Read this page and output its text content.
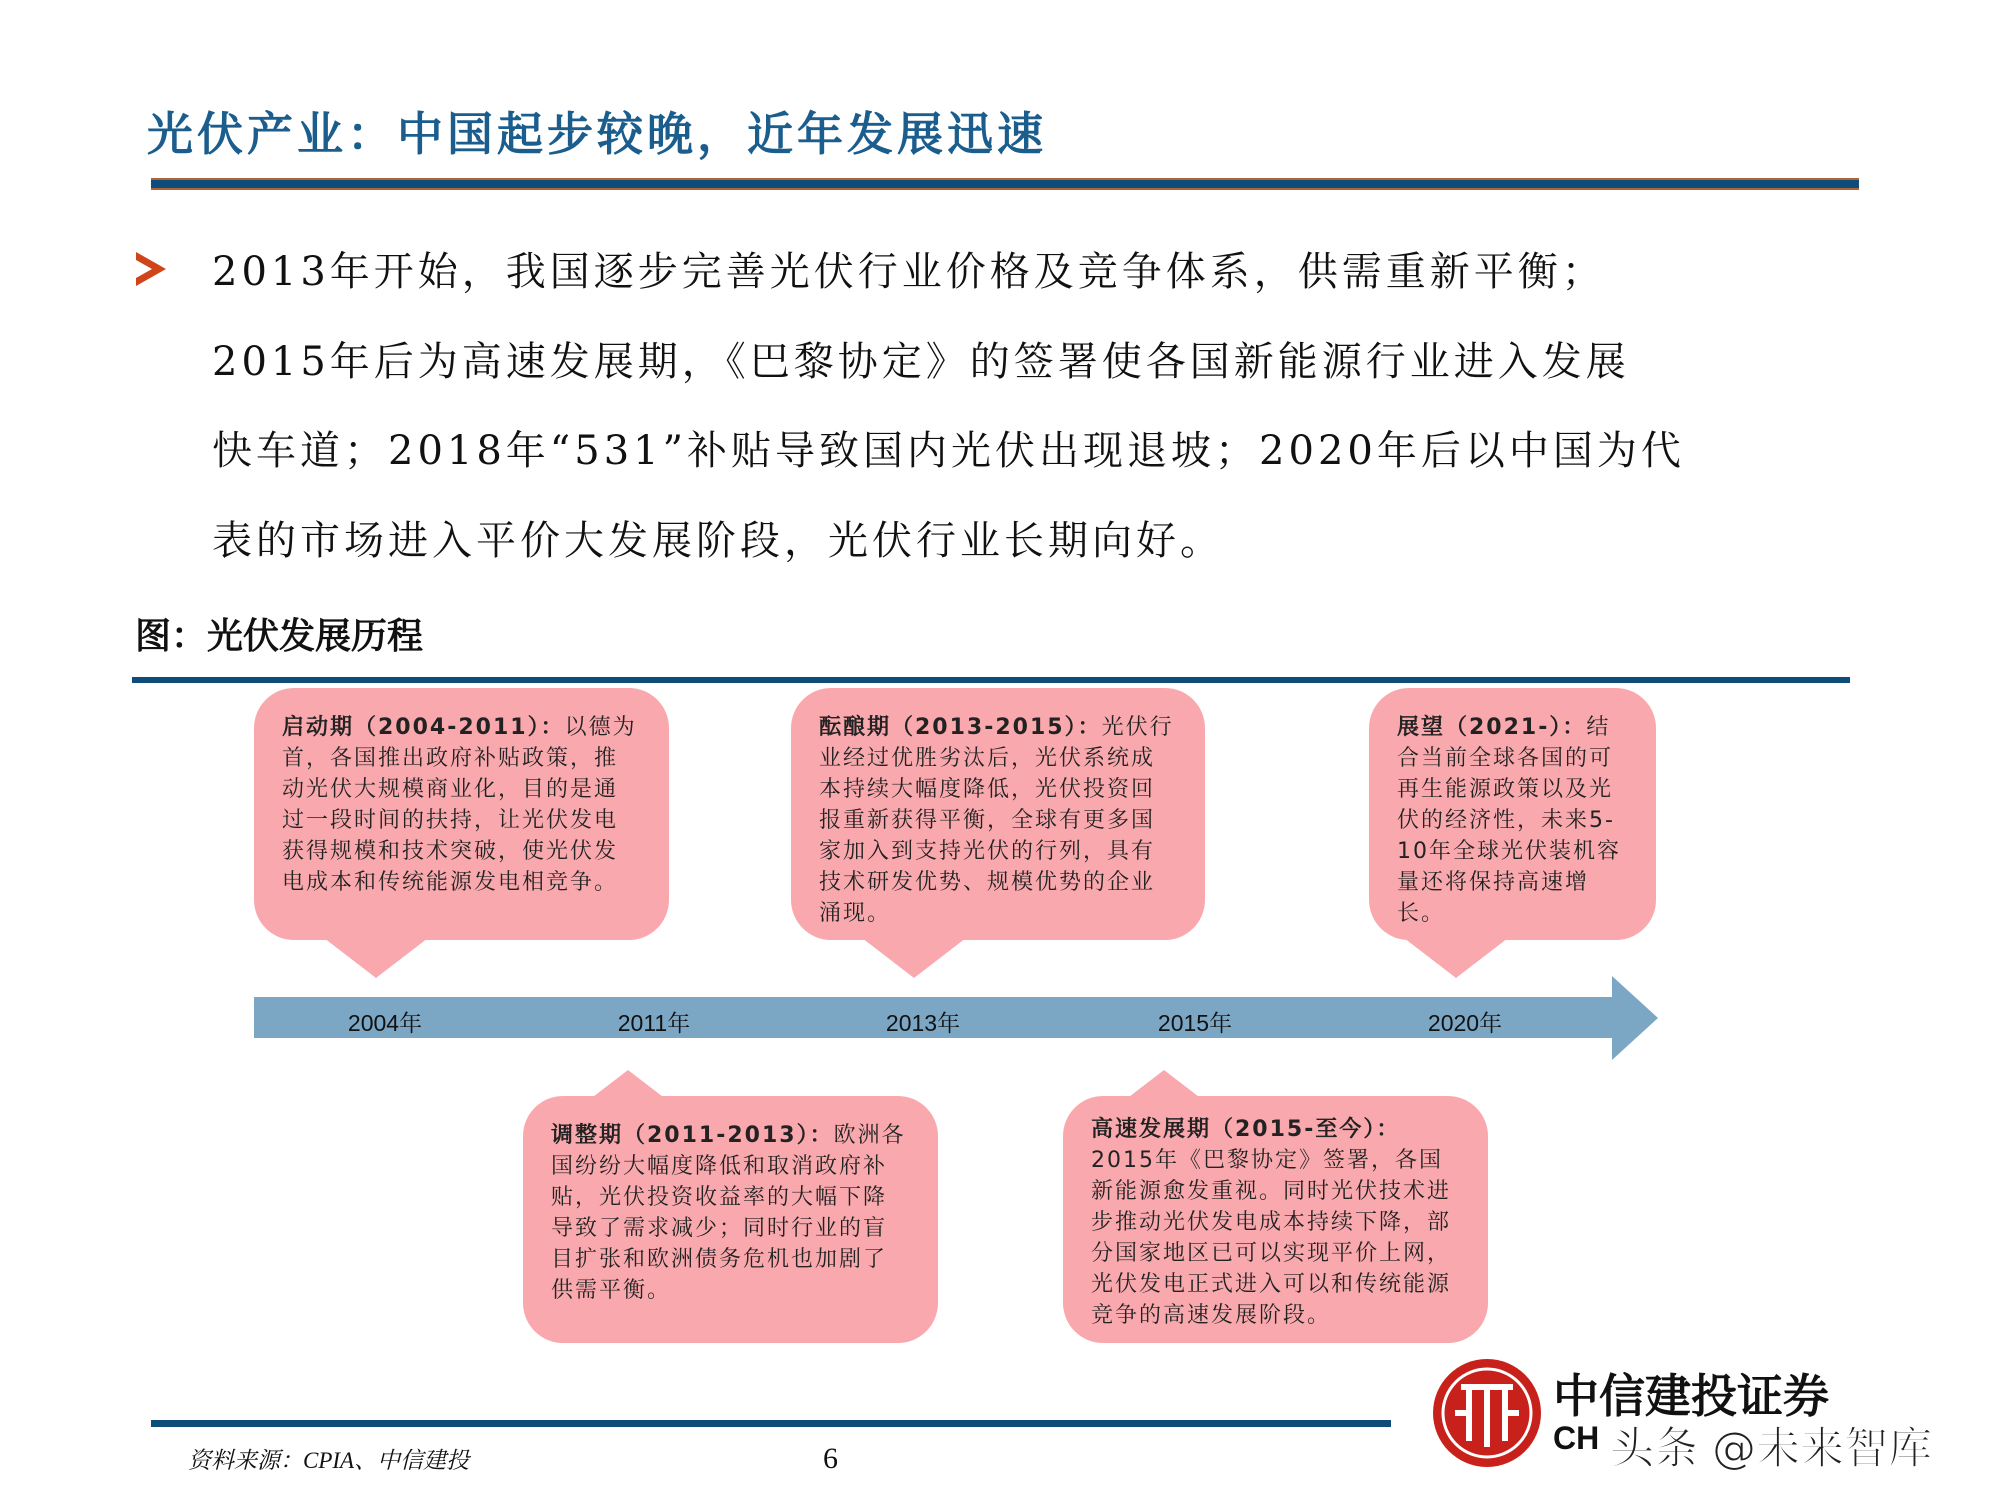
光伏产业：中国起步较晚，近年发展迅速
2013年开始，我国逐步完善光伏行业价格及竞争体系，供需重新平衡；
2015年后为高速发展期，《巴黎协定》的签署使各国新能源行业进入发展
快车道；2018年“531”补贴导致国内光伏出现退坡；2020年后以中国为代
表的市场进入平价大发展阶段，光伏行业长期向好。
图：光伏发展历程
启动期（2004-2011）：以德为首，各国推出政府补贴政策，推动光伏大规模商业化，目的是通过一段时间的扶持，让光伏发电获得规模和技术突破，使光伏发电成本和传统能源发电相竞争。
酝酿期（2013-2015）：光伏行业经过优胜劣汰后，光伏系统成本持续大幅度降低，光伏投资回报重新获得平衡，全球有更多国家加入到支持光伏的行列，具有技术研发优势、规模优势的企业涌现。
展望（2021-）：结合当前全球各国的可再生能源政策以及光伏的经济性，未来5-10年全球光伏装机容量还将保持高速增长。
2004年	2011年	2013年	2015年	2020年
调整期（2011-2013）：欧洲各国纷纷大幅度降低和取消政府补贴，光伏投资收益率的大幅下降导致了需求减少；同时行业的盲目扩张和欧洲债务危机也加剧了供需平衡。
高速发展期（2015-至今）：2015年《巴黎协定》签署，各国新能源愈发重视。同时光伏技术进步推动光伏发电成本持续下降，部分国家地区已可以实现平价上网，光伏发电正式进入可以和传统能源竞争的高速发展阶段。
资料来源：CPIA、中信建投	6
中信建投证券
CH 头条 @未来智库
